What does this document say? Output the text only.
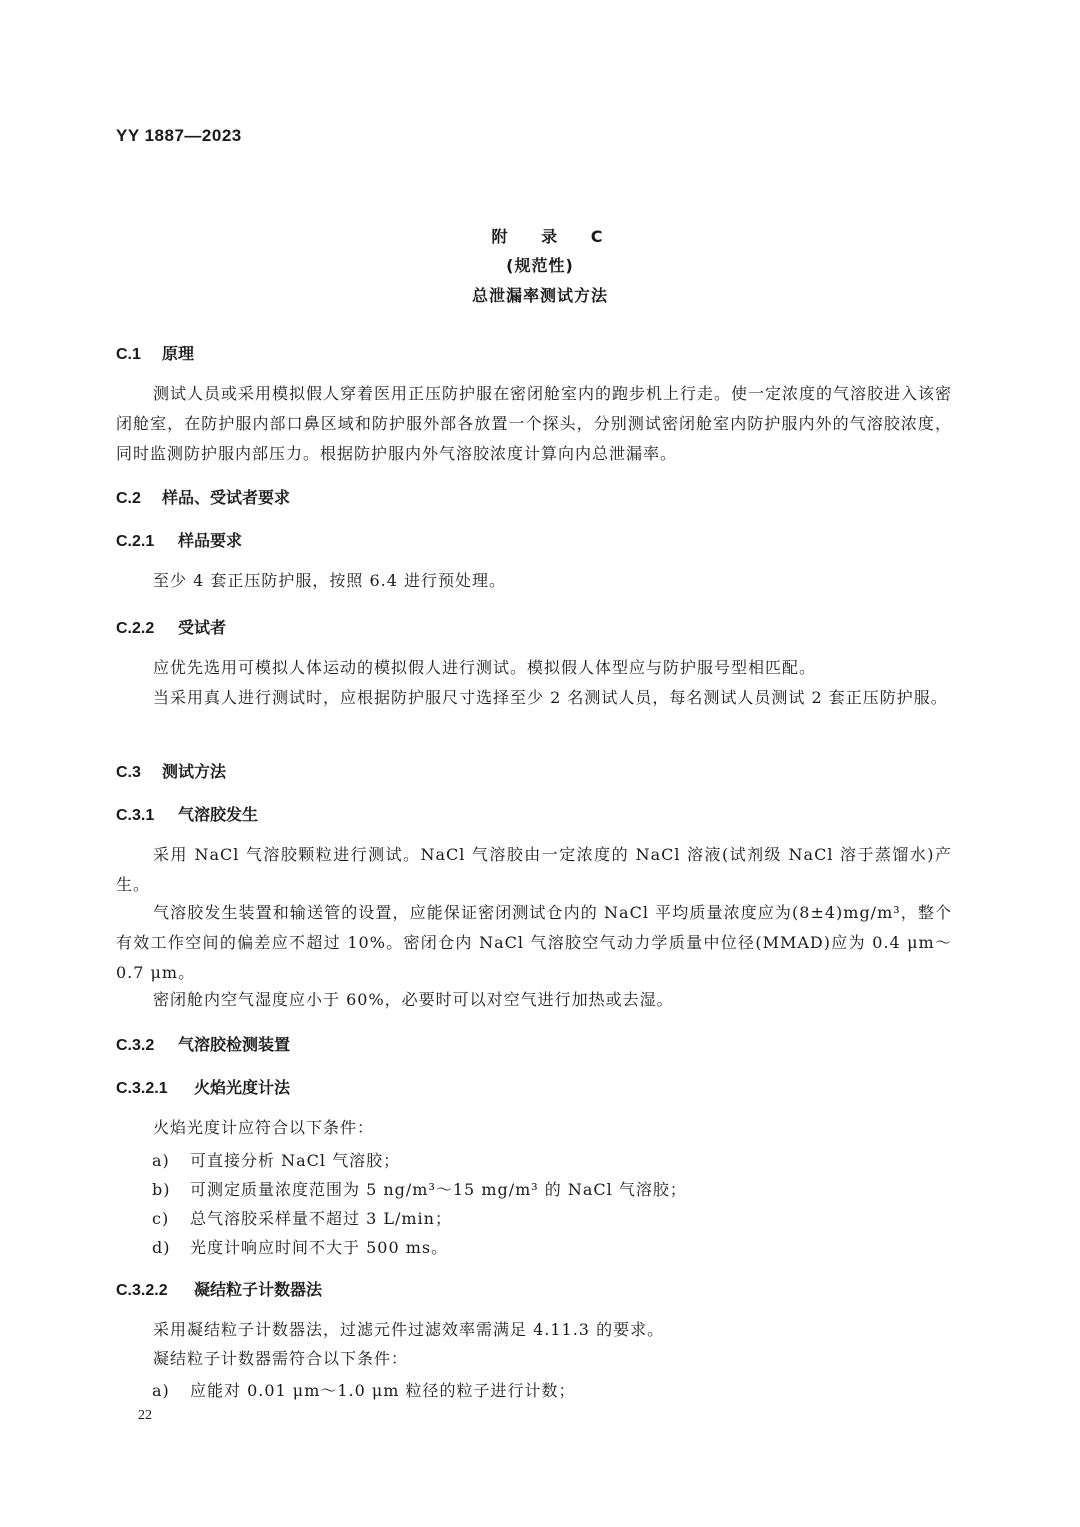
YY 1887—2023
附 录 C
(规范性)
总泄漏率测试方法
C.1 原理
测试人员或采用模拟假人穿着医用正压防护服在密闭舱室内的跑步机上行走。使一定浓度的气溶胶进入该密闭舱室，在防护服内部口鼻区域和防护服外部各放置一个探头，分别测试密闭舱室内防护服内外的气溶胶浓度，同时监测防护服内部压力。根据防护服内外气溶胶浓度计算向内总泄漏率。
C.2 样品、受试者要求
C.2.1 样品要求
至少 4 套正压防护服，按照 6.4 进行预处理。
C.2.2 受试者
应优先选用可模拟人体运动的模拟假人进行测试。模拟假人体型应与防护服号型相匹配。
当采用真人进行测试时，应根据防护服尺寸选择至少 2 名测试人员，每名测试人员测试 2 套正压防护服。
C.3 测试方法
C.3.1 气溶胶发生
采用 NaCl 气溶胶颗粒进行测试。NaCl 气溶胶由一定浓度的 NaCl 溶液(试剂级 NaCl 溶于蒸馏水)产生。
气溶胶发生装置和输送管的设置，应能保证密闭测试仓内的 NaCl 平均质量浓度应为(8±4)mg/m³，整个有效工作空间的偏差应不超过 10%。密闭仓内 NaCl 气溶胶空气动力学质量中位径(MMAD)应为 0.4 μm～0.7 μm。
密闭舱内空气湿度应小于 60%，必要时可以对空气进行加热或去湿。
C.3.2 气溶胶检测装置
C.3.2.1 火焰光度计法
火焰光度计应符合以下条件：
a) 可直接分析 NaCl 气溶胶；
b) 可测定质量浓度范围为 5 ng/m³～15 mg/m³ 的 NaCl 气溶胶；
c) 总气溶胶采样量不超过 3 L/min；
d) 光度计响应时间不大于 500 ms。
C.3.2.2 凝结粒子计数器法
采用凝结粒子计数器法，过滤元件过滤效率需满足 4.11.3 的要求。
凝结粒子计数器需符合以下条件：
a) 应能对 0.01 μm～1.0 μm 粒径的粒子进行计数；
22
